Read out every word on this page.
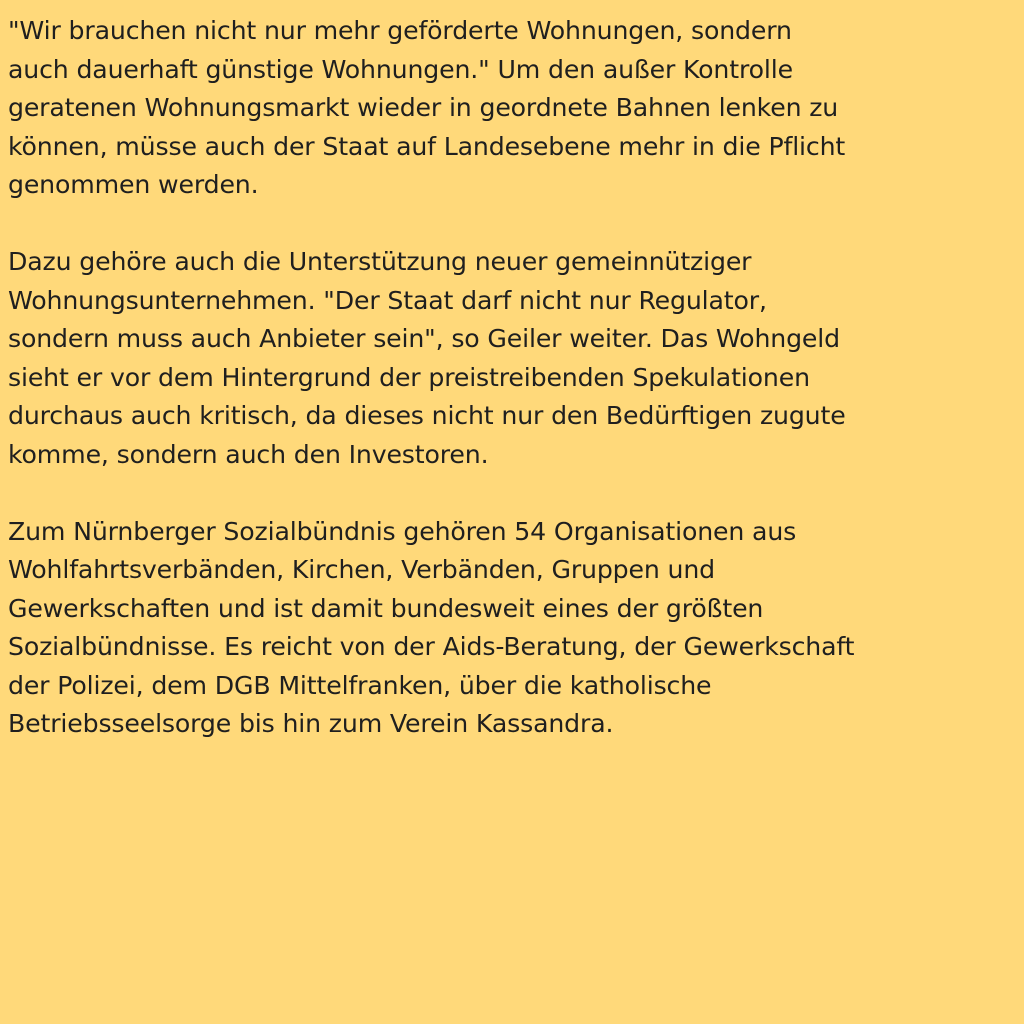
"Wir brauchen nicht nur mehr geförderte Wohnungen, sondern
auch dauerhaft günstige Wohnungen." Um den außer Kontrolle
geratenen Wohnungsmarkt wieder in geordnete Bahnen lenken zu
können, müsse auch der Staat auf Landesebene mehr in die Pflicht
genommen werden.
Dazu gehöre auch die Unterstützung neuer gemeinnütziger
Wohnungsunternehmen. "Der Staat darf nicht nur Regulator,
sondern muss auch Anbieter sein", so Geiler weiter. Das Wohngeld
sieht er vor dem Hintergrund der preistreibenden Spekulationen
durchaus auch kritisch, da dieses nicht nur den Bedürftigen zugute
komme, sondern auch den Investoren.
Zum Nürnberger Sozialbündnis gehören 54 Organisationen aus
Wohlfahrtsverbänden, Kirchen, Verbänden, Gruppen und
Gewerkschaften und ist damit bundesweit eines der größten
Sozialbündnisse. Es reicht von der Aids-Beratung, der Gewerkschaft
der Polizei, dem DGB Mittelfranken, über die katholische
Betriebsseelsorge bis hin zum Verein Kassandra.
